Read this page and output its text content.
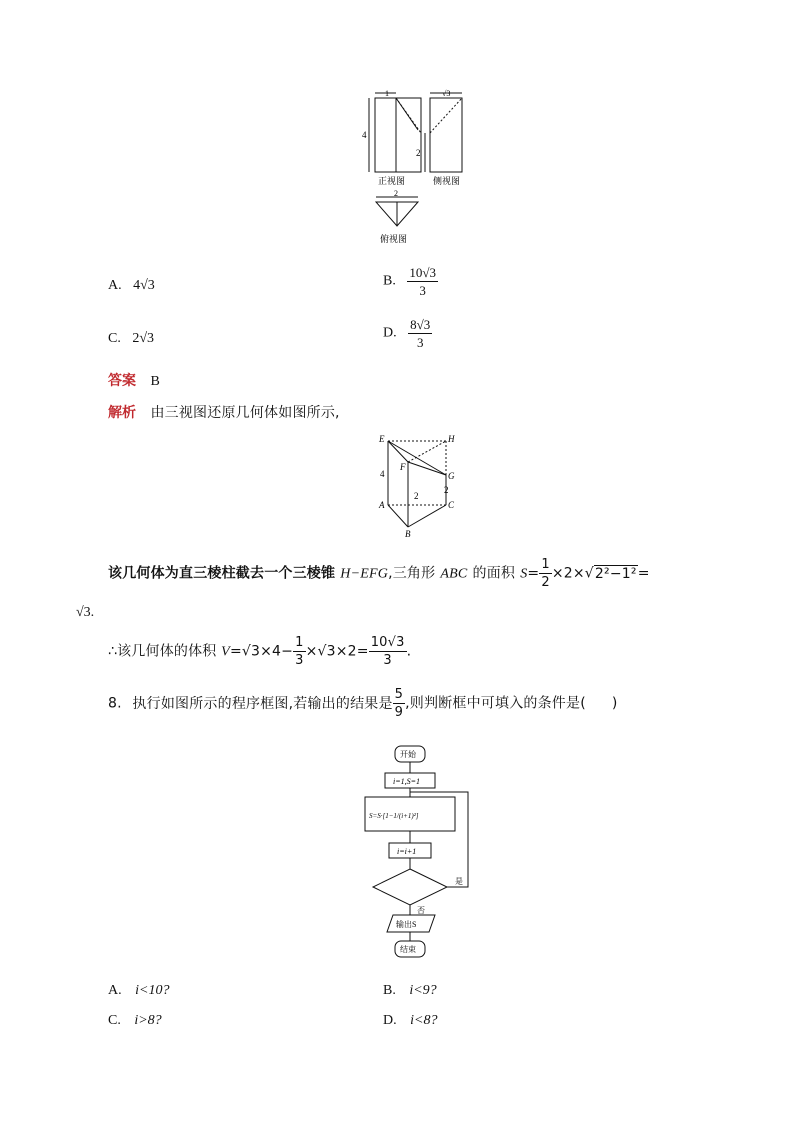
1	√3
4
2
2
正视图	侧视图
俯视图
A. 4√3	B. $\frac{10√3}{3}$
C. 2√3	D. $\frac{8√3}{3}$
答案 B
解析 由三视图还原几何体如图所示,
E	H
F
G
A	C
B
4
2
2
该几何体为直三棱柱截去一个三棱锥 H−EFG,三角形 ABC 的面积 $S= \frac{1}{2} \times 2\times√2^2-1^2=$
√3.
∴该几何体的体积 $V=√3\times 4- \frac{1}{3} \times√3\times 2= \frac{10√3}{3}$ .
8. 执行如图所示的程序框图,若输出的结果是 $\frac{5}{9}$ ,则判断框中可填入的条件是( )
开始
i=1,S=1
S=S·[1−1/(i+1)²]
i=i+1
是
否
输出S
结束
A. i<10?	B. i<9?
C. i>8?	D. i<8?
